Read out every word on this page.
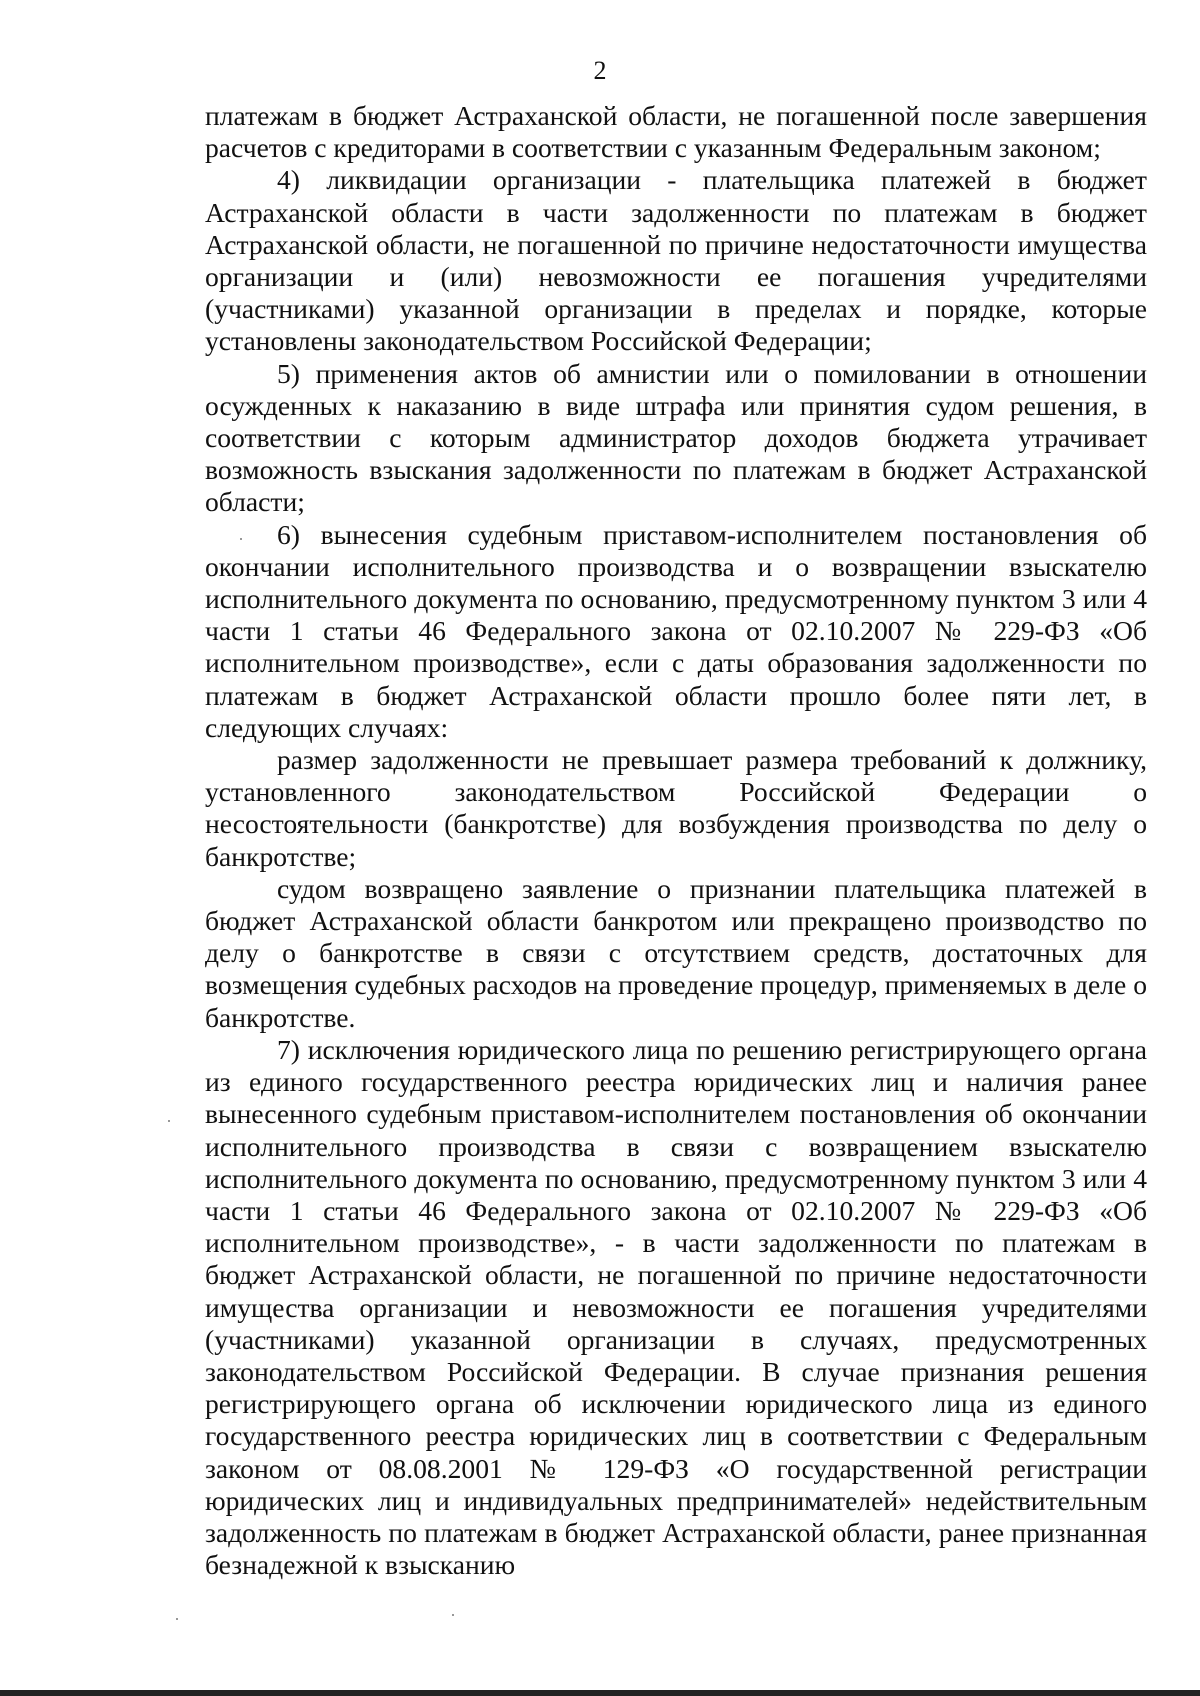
2

платежам в бюджет Астраханской области, не погашенной после завершения расчетов с кредиторами в соответствии с указанным Федеральным законом;

4) ликвидации организации - плательщика платежей в бюджет Астраханской области в части задолженности по платежам в бюджет Астраханской области, не погашенной по причине недостаточности имущества организации и (или) невозможности ее погашения учредителями (участниками) указанной организации в пределах и порядке, которые установлены законодательством Российской Федерации;

5) применения актов об амнистии или о помиловании в отношении осужденных к наказанию в виде штрафа или принятия судом решения, в соответствии с которым администратор доходов бюджета утрачивает возможность взыскания задолженности по платежам в бюджет Астраханской области;

6) вынесения судебным приставом-исполнителем постановления об окончании исполнительного производства и о возвращении взыскателю исполнительного документа по основанию, предусмотренному пунктом 3 или 4 части 1 статьи 46 Федерального закона от 02.10.2007 № 229-ФЗ «Об исполнительном производстве», если с даты образования задолженности по платежам в бюджет Астраханской области прошло более пяти лет, в следующих случаях:

размер задолженности не превышает размера требований к должнику, установленного законодательством Российской Федерации о несостоятельности (банкротстве) для возбуждения производства по делу о банкротстве;

судом возвращено заявление о признании плательщика платежей в бюджет Астраханской области банкротом или прекращено производство по делу о банкротстве в связи с отсутствием средств, достаточных для возмещения судебных расходов на проведение процедур, применяемых в деле о банкротстве.

7) исключения юридического лица по решению регистрирующего органа из единого государственного реестра юридических лиц и наличия ранее вынесенного судебным приставом-исполнителем постановления об окончании исполнительного производства в связи с возвращением взыскателю исполнительного документа по основанию, предусмотренному пунктом 3 или 4 части 1 статьи 46 Федерального закона от 02.10.2007 № 229-ФЗ «Об исполнительном производстве», - в части задолженности по платежам в бюджет Астраханской области, не погашенной по причине недостаточности имущества организации и невозможности ее погашения учредителями (участниками) указанной организации в случаях, предусмотренных законодательством Российской Федерации. В случае признания решения регистрирующего органа об исключении юридического лица из единого государственного реестра юридических лиц в соответствии с Федеральным законом от 08.08.2001 № 129-ФЗ «О государственной регистрации юридических лиц и индивидуальных предпринимателей» недействительным задолженность по платежам в бюджет Астраханской области, ранее признанная безнадежной к взысканию
